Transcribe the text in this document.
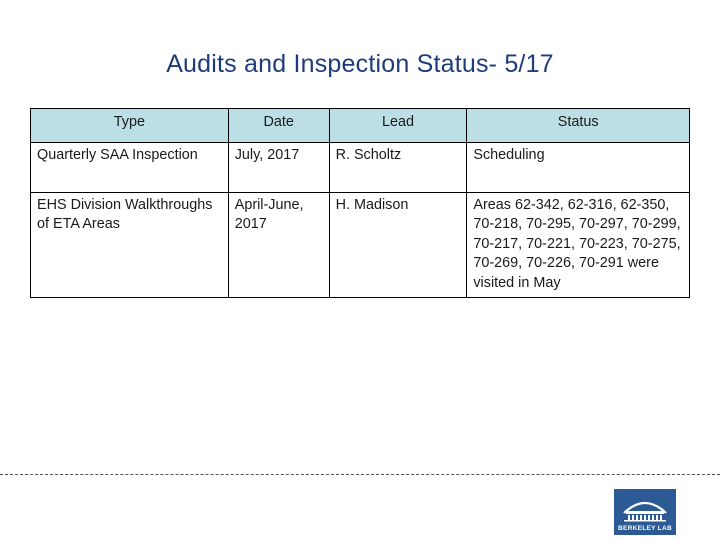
Audits and Inspection Status- 5/17
Type	Date	Lead	Status
Quarterly SAA Inspection	July, 2017	R. Scholtz	Scheduling
EHS Division Walkthroughs of ETA Areas	April-June, 2017	H. Madison	Areas 62-342, 62-316, 62-350, 70-218, 70-295, 70-297, 70-299, 70-217, 70-221, 70-223, 70-275, 70-269, 70-226, 70-291 were visited in May
BERKELEY LAB
